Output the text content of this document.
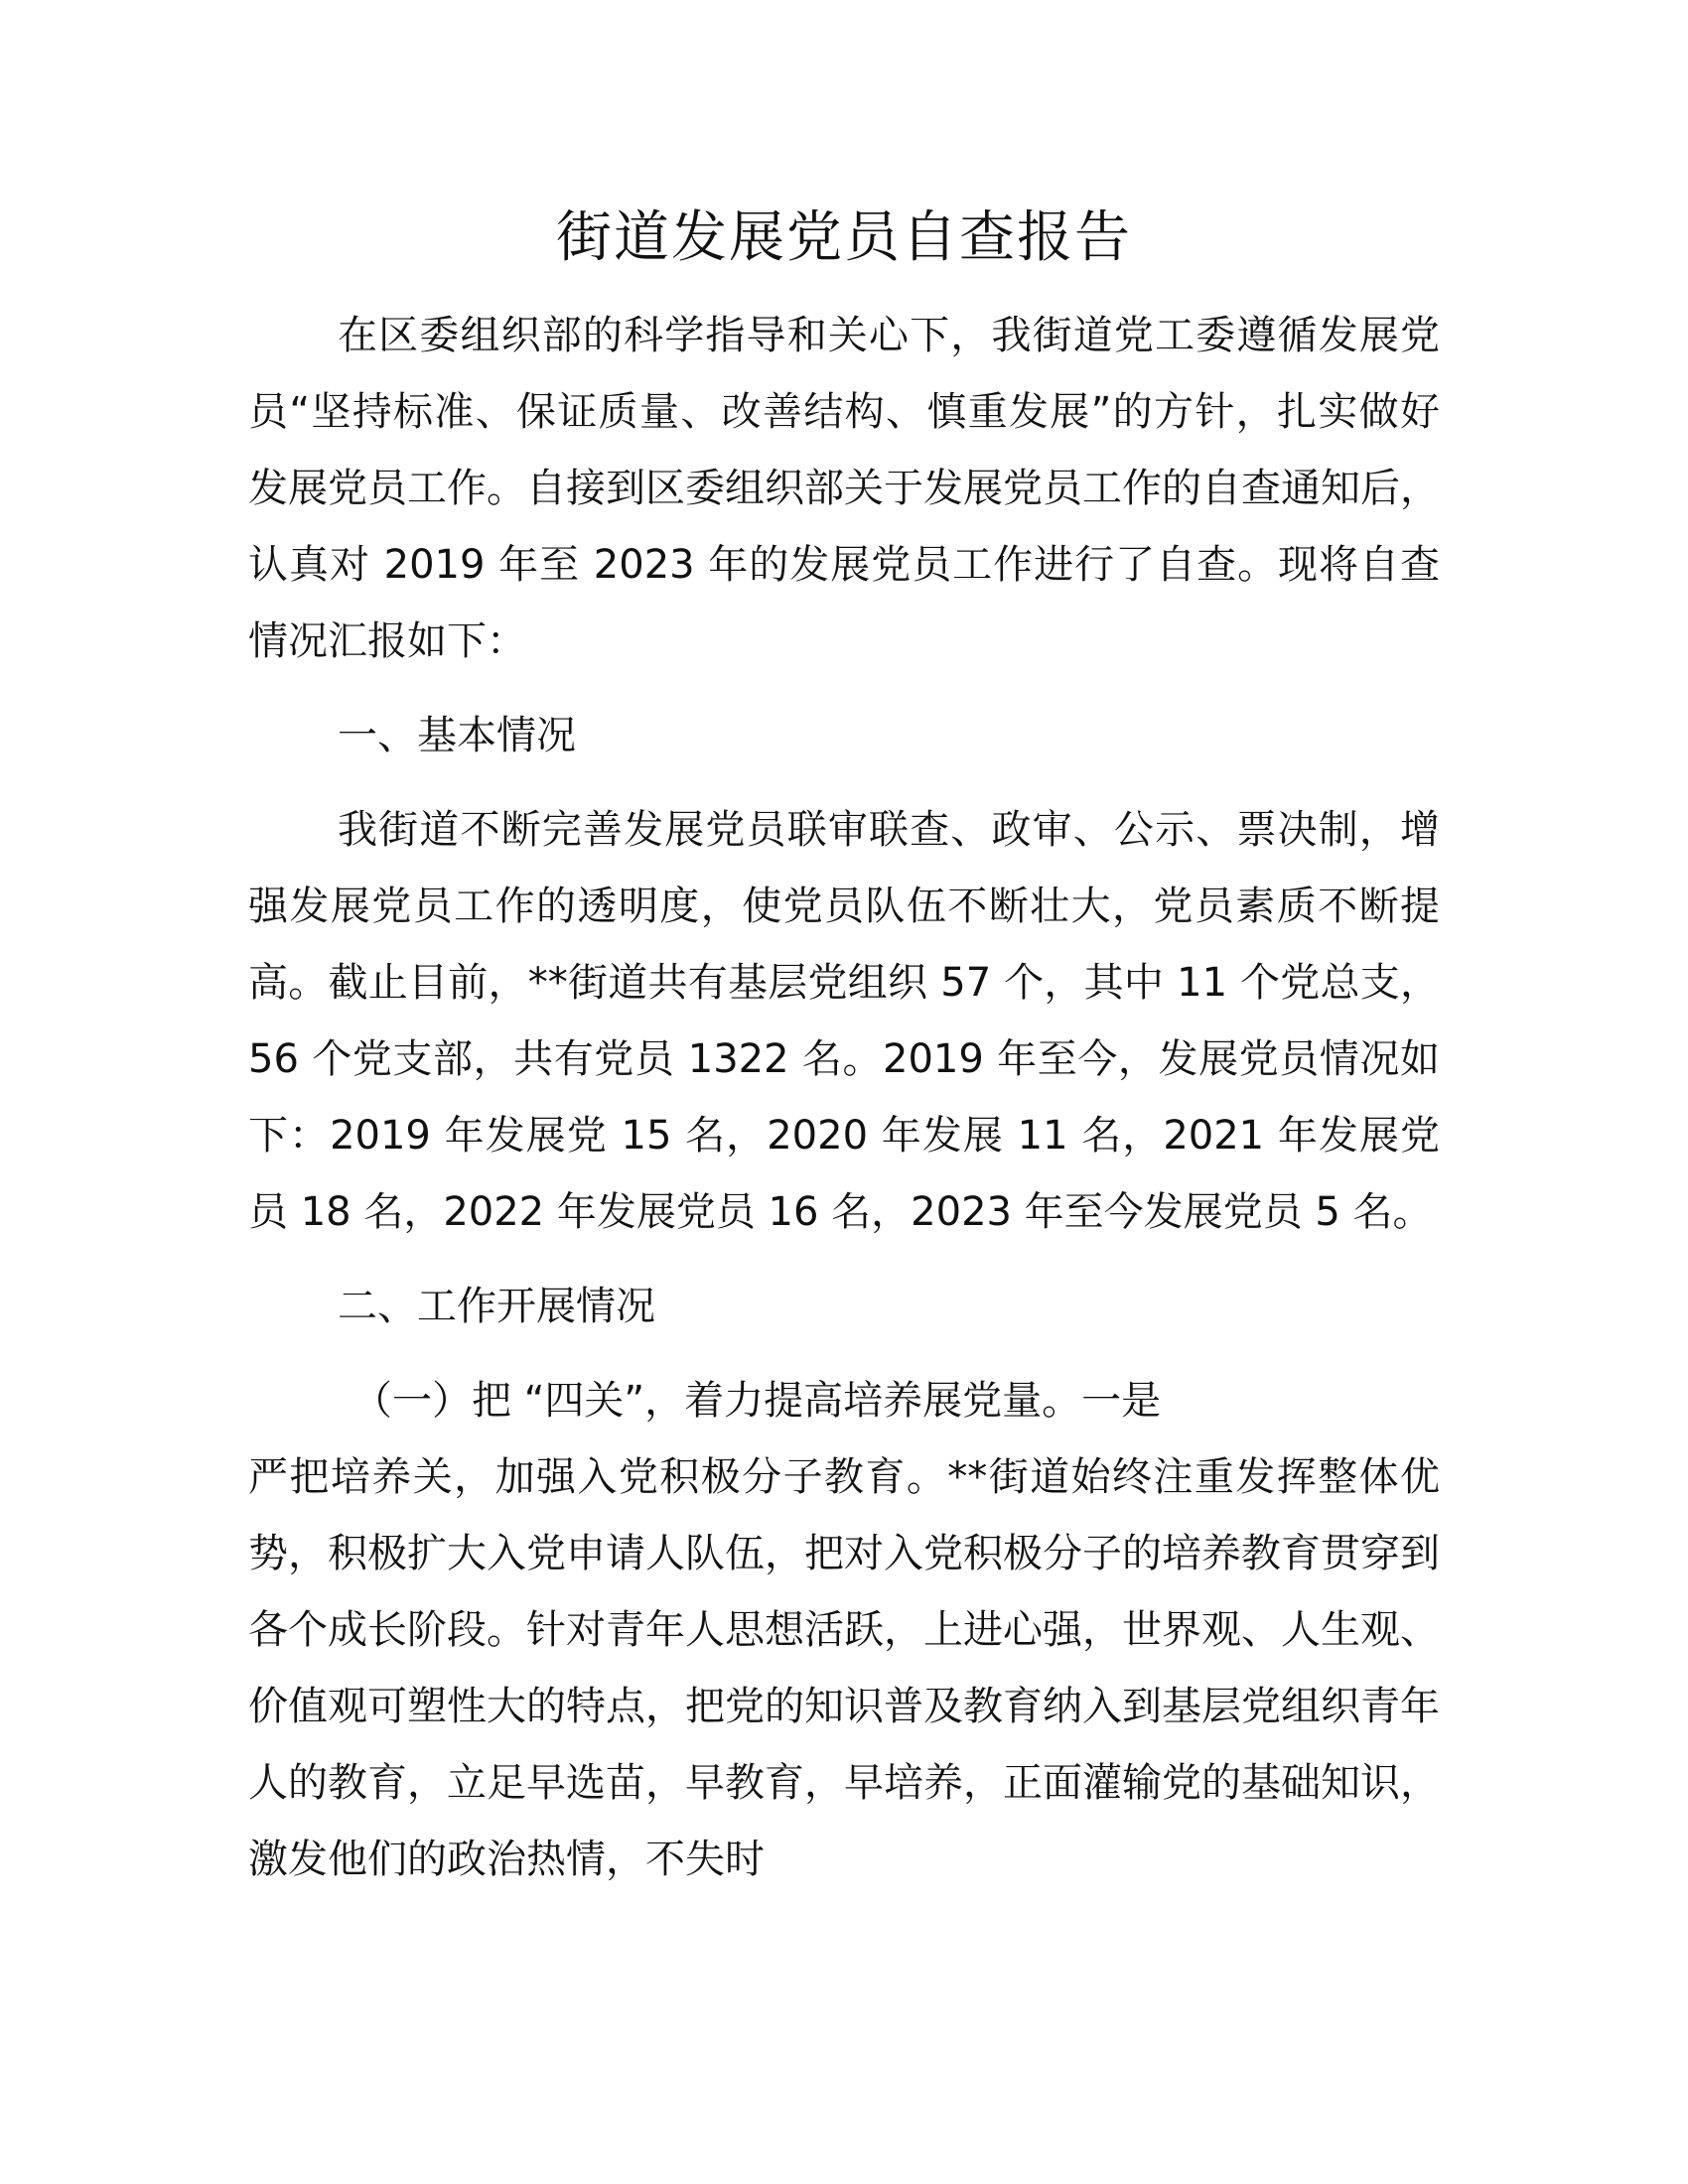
街道发展党员自查报告

在区委组织部的科学指导和关心下，我街道党工委遵循发展党员“坚持标准、保证质量、改善结构、慎重发展”的方针，扎实做好发展党员工作。自接到区委组织部关于发展党员工作的自查通知后，认真对 2019 年至 2023 年的发展党员工作进行了自查。现将自查情况汇报如下：

一、基本情况

我街道不断完善发展党员联审联查、政审、公示、票决制，增强发展党员工作的透明度，使党员队伍不断壮大，党员素质不断提高。截止目前，**街道共有基层党组织 57 个，其中 11 个党总支，56 个党支部，共有党员 1322 名。2019 年至今，发展党员情况如下：2019 年发展党 15 名，2020 年发展 11 名，2021 年发展党员 18 名，2022 年发展党员 16 名，2023 年至今发展党员 5 名。

二、工作开展情况

（一）把 “四关”，着力提高培养展党量。一是

严把培养关，加强入党积极分子教育。**街道始终注重发挥整体优势，积极扩大入党申请人队伍，把对入党积极分子的培养教育贯穿到各个成长阶段。针对青年人思想活跃，上进心强，世界观、人生观、价值观可塑性大的特点，把党的知识普及教育纳入到基层党组织青年人的教育，立足早选苗，早教育，早培养，正面灌输党的基础知识，激发他们的政治热情，不失时
